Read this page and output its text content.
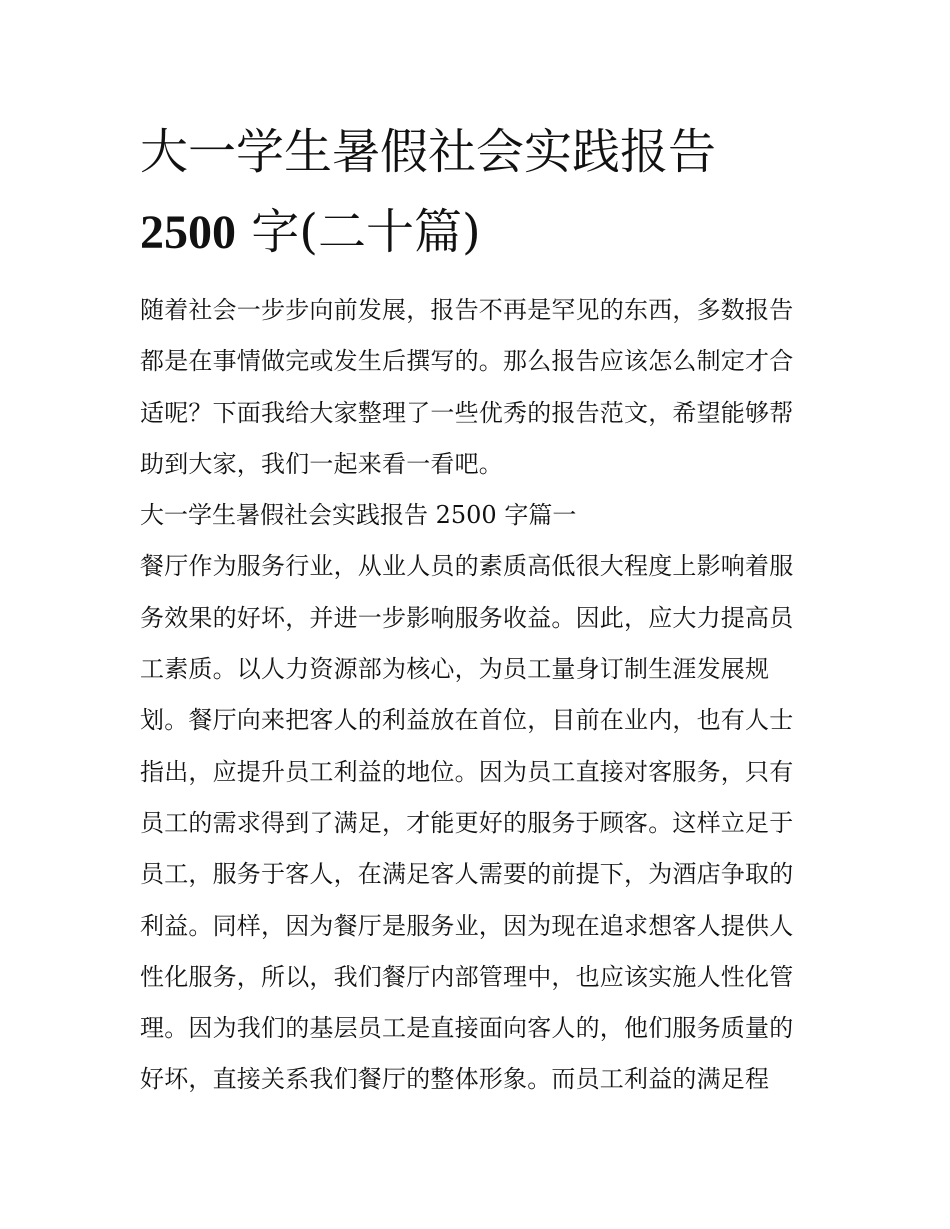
大一学生暑假社会实践报告
2500 字(二十篇)

随着社会一步步向前发展，报告不再是罕见的东西，多数报告都是在事情做完或发生后撰写的。那么报告应该怎么制定才合适呢？下面我给大家整理了一些优秀的报告范文，希望能够帮助到大家，我们一起来看一看吧。

大一学生暑假社会实践报告 2500 字篇一

餐厅作为服务行业，从业人员的素质高低很大程度上影响着服务效果的好坏，并进一步影响服务收益。因此，应大力提高员工素质。以人力资源部为核心，为员工量身订制生涯发展规划。餐厅向来把客人的利益放在首位，目前在业内，也有人士指出，应提升员工利益的地位。因为员工直接对客服务，只有员工的需求得到了满足，才能更好的服务于顾客。这样立足于员工，服务于客人，在满足客人需要的前提下，为酒店争取的利益。同样，因为餐厅是服务业，因为现在追求想客人提供人性化服务，所以，我们餐厅内部管理中，也应该实施人性化管理。因为我们的基层员工是直接面向客人的，他们服务质量的好坏，直接关系我们餐厅的整体形象。而员工利益的满足程
